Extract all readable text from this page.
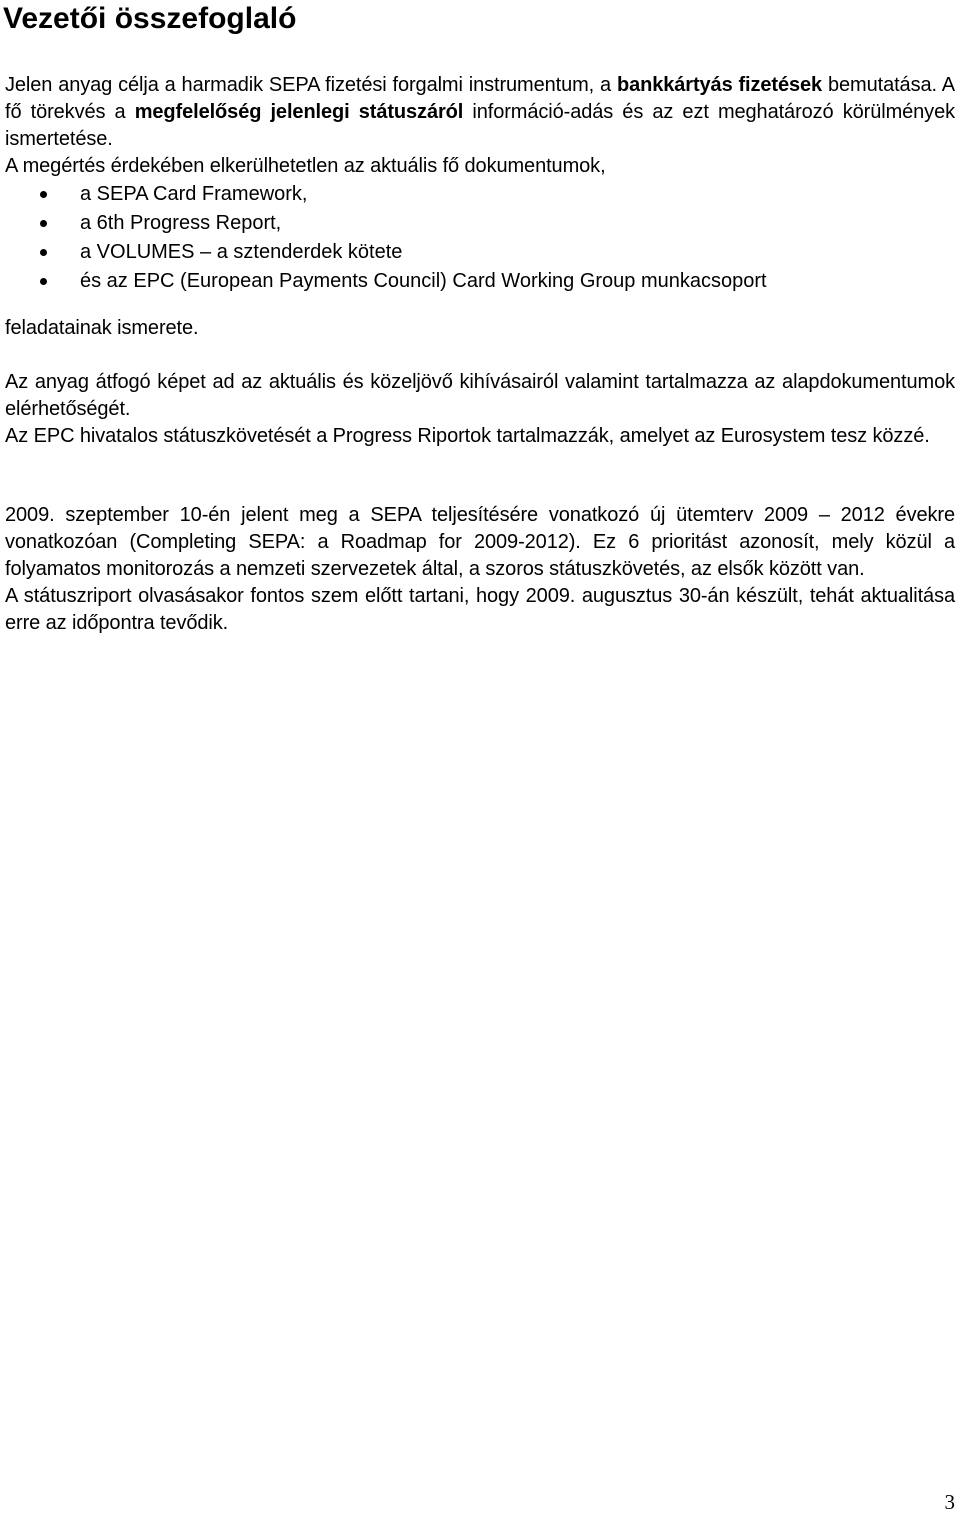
Vezetői összefoglaló

Jelen anyag célja a harmadik SEPA fizetési forgalmi instrumentum, a bankkártyás fizetések bemutatása. A fő törekvés a megfelelőség jelenlegi státuszáról információ-adás és az ezt meghatározó körülmények ismertetése.

A megértés érdekében elkerülhetetlen az aktuális fő dokumentumok,

a SEPA Card Framework,
a 6th Progress Report,
a VOLUMES – a sztenderdek kötete
és az EPC (European Payments Council) Card Working Group munkacsoport
feladatainak ismerete.

Az anyag átfogó képet ad az aktuális és közeljövő kihívásairól valamint tartalmazza az alapdokumentumok elérhetőségét.

Az EPC hivatalos státuszkövetését a Progress Riportok tartalmazzák, amelyet az Eurosystem tesz közzé.

2009. szeptember 10-én jelent meg a SEPA teljesítésére vonatkozó új ütemterv 2009 – 2012 évekre vonatkozóan (Completing SEPA: a Roadmap for 2009-2012). Ez 6 prioritást azonosít, mely közül a folyamatos monitorozás a nemzeti szervezetek által, a szoros státuszkövetés, az elsők között van.

A státuszriport olvasásakor fontos szem előtt tartani, hogy 2009. augusztus 30-án készült, tehát aktualitása erre az időpontra tevődik.

3
